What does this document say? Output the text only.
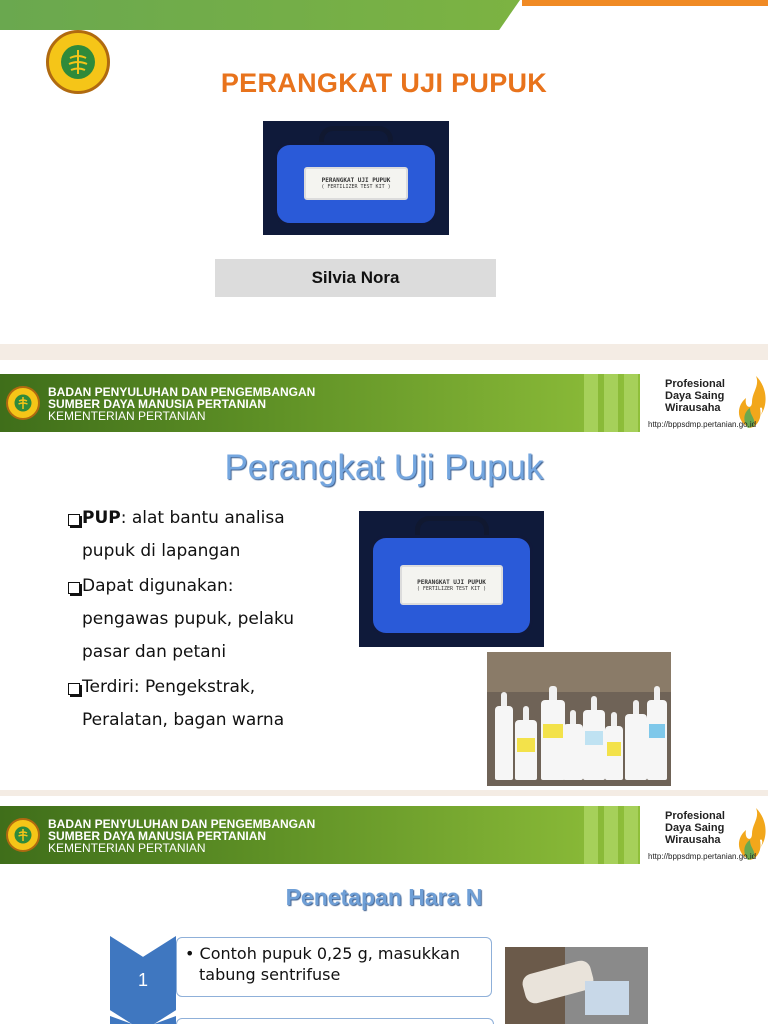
PERANGKAT UJI PUPUK
PERANGKAT UJI PUPUK
( FERTILIZER TEST KIT )
Silvia Nora
BADAN PENYULUHAN DAN PENGEMBANGAN
SUMBER DAYA MANUSIA PERTANIAN
KEMENTERIAN PERTANIAN
Profesional
Daya Saing
Wirausaha
http://bppsdmp.pertanian.go.id
Perangkat Uji Pupuk
PUP: alat bantu analisa
pupuk di lapangan
Dapat digunakan:
pengawas pupuk, pelaku
pasar dan petani
Terdiri: Pengekstrak,
Peralatan, bagan warna
PERANGKAT UJI PUPUK
( FERTILIZER TEST KIT )
BADAN PENYULUHAN DAN PENGEMBANGAN
SUMBER DAYA MANUSIA PERTANIAN
KEMENTERIAN PERTANIAN
Profesional
Daya Saing
Wirausaha
http://bppsdmp.pertanian.go.id
Penetapan Hara N
1
• Contoh pupuk 0,25 g, masukkan
tabung sentrifuse
